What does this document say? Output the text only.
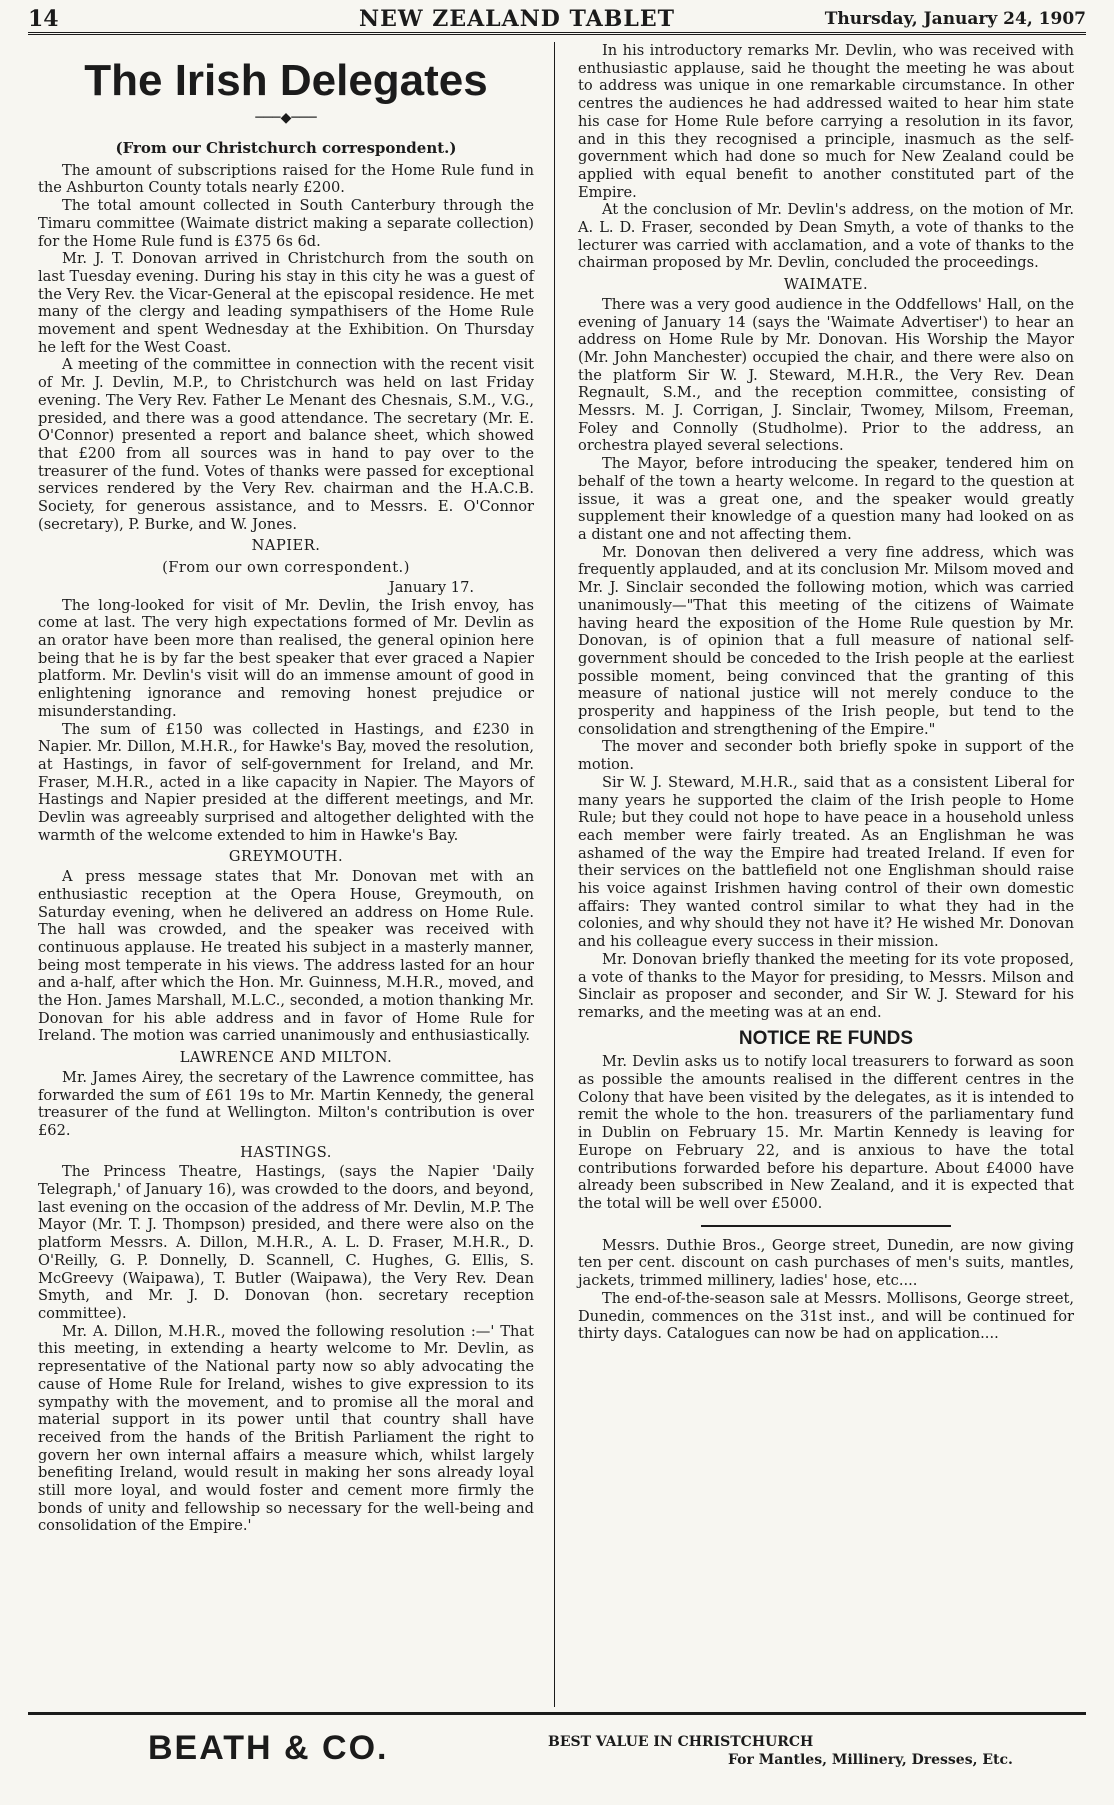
14	NEW ZEALAND TABLET	Thursday, January 24, 1907
The Irish Delegates
───◆───
(From our Christchurch correspondent.)

The amount of subscriptions raised for the Home Rule fund in the Ashburton County totals nearly £200.

The total amount collected in South Canterbury through the Timaru committee (Waimate district making a separate collection) for the Home Rule fund is £375 6s 6d.

Mr. J. T. Donovan arrived in Christchurch from the south on last Tuesday evening. During his stay in this city he was a guest of the Very Rev. the Vicar-General at the episcopal residence. He met many of the clergy and leading sympathisers of the Home Rule movement and spent Wednesday at the Exhibition. On Thursday he left for the West Coast.

A meeting of the committee in connection with the recent visit of Mr. J. Devlin, M.P., to Christchurch was held on last Friday evening. The Very Rev. Father Le Menant des Chesnais, S.M., V.G., presided, and there was a good attendance. The secretary (Mr. E. O'Connor) presented a report and balance sheet, which showed that £200 from all sources was in hand to pay over to the treasurer of the fund. Votes of thanks were passed for exceptional services rendered by the Very Rev. chairman and the H.A.C.B. Society, for generous assistance, and to Messrs. E. O'Connor (secretary), P. Burke, and W. Jones.

NAPIER.
(From our own correspondent.)
January 17.

The long-looked for visit of Mr. Devlin, the Irish envoy, has come at last. The very high expectations formed of Mr. Devlin as an orator have been more than realised, the general opinion here being that he is by far the best speaker that ever graced a Napier platform. Mr. Devlin's visit will do an immense amount of good in enlightening ignorance and removing honest prejudice or misunderstanding.

The sum of £150 was collected in Hastings, and £230 in Napier. Mr. Dillon, M.H.R., for Hawke's Bay, moved the resolution, at Hastings, in favor of self-government for Ireland, and Mr. Fraser, M.H.R., acted in a like capacity in Napier. The Mayors of Hastings and Napier presided at the different meetings, and Mr. Devlin was agreeably surprised and altogether delighted with the warmth of the welcome extended to him in Hawke's Bay.

GREYMOUTH.

A press message states that Mr. Donovan met with an enthusiastic reception at the Opera House, Greymouth, on Saturday evening, when he delivered an address on Home Rule. The hall was crowded, and the speaker was received with continuous applause. He treated his subject in a masterly manner, being most temperate in his views. The address lasted for an hour and a-half, after which the Hon. Mr. Guinness, M.H.R., moved, and the Hon. James Marshall, M.L.C., seconded, a motion thanking Mr. Donovan for his able address and in favor of Home Rule for Ireland. The motion was carried unanimously and enthusiastically.

LAWRENCE AND MILTON.

Mr. James Airey, the secretary of the Lawrence committee, has forwarded the sum of £61 19s to Mr. Martin Kennedy, the general treasurer of the fund at Wellington. Milton's contribution is over £62.

HASTINGS.

The Princess Theatre, Hastings, (says the Napier 'Daily Telegraph,' of January 16), was crowded to the doors, and beyond, last evening on the occasion of the address of Mr. Devlin, M.P. The Mayor (Mr. T. J. Thompson) presided, and there were also on the platform Messrs. A. Dillon, M.H.R., A. L. D. Fraser, M.H.R., D. O'Reilly, G. P. Donnelly, D. Scannell, C. Hughes, G. Ellis, S. McGreevy (Waipawa), T. Butler (Waipawa), the Very Rev. Dean Smyth, and Mr. J. D. Donovan (hon. secretary reception committee).

Mr. A. Dillon, M.H.R., moved the following resolution :—' That this meeting, in extending a hearty welcome to Mr. Devlin, as representative of the National party now so ably advocating the cause of Home Rule for Ireland, wishes to give expression to its sympathy with the movement, and to promise all the moral and material support in its power until that country shall have received from the hands of the British Parliament the right to govern her own internal affairs a measure which, whilst largely benefiting Ireland, would result in making her sons already loyal still more loyal, and would foster and cement more firmly the bonds of unity and fellowship so necessary for the well-being and consolidation of the Empire.'

In his introductory remarks Mr. Devlin, who was received with enthusiastic applause, said he thought the meeting he was about to address was unique in one remarkable circumstance. In other centres the audiences he had addressed waited to hear him state his case for Home Rule before carrying a resolution in its favor, and in this they recognised a principle, inasmuch as the self-government which had done so much for New Zealand could be applied with equal benefit to another constituted part of the Empire.

At the conclusion of Mr. Devlin's address, on the motion of Mr. A. L. D. Fraser, seconded by Dean Smyth, a vote of thanks to the lecturer was carried with acclamation, and a vote of thanks to the chairman proposed by Mr. Devlin, concluded the proceedings.

WAIMATE.

There was a very good audience in the Oddfellows' Hall, on the evening of January 14 (says the 'Waimate Advertiser') to hear an address on Home Rule by Mr. Donovan. His Worship the Mayor (Mr. John Manchester) occupied the chair, and there were also on the platform Sir W. J. Steward, M.H.R., the Very Rev. Dean Regnault, S.M., and the reception committee, consisting of Messrs. M. J. Corrigan, J. Sinclair, Twomey, Milsom, Freeman, Foley and Connolly (Studholme). Prior to the address, an orchestra played several selections.

The Mayor, before introducing the speaker, tendered him on behalf of the town a hearty welcome. In regard to the question at issue, it was a great one, and the speaker would greatly supplement their knowledge of a question many had looked on as a distant one and not affecting them.

Mr. Donovan then delivered a very fine address, which was frequently applauded, and at its conclusion Mr. Milsom moved and Mr. J. Sinclair seconded the following motion, which was carried unanimously—"That this meeting of the citizens of Waimate having heard the exposition of the Home Rule question by Mr. Donovan, is of opinion that a full measure of national self-government should be conceded to the Irish people at the earliest possible moment, being convinced that the granting of this measure of national justice will not merely conduce to the prosperity and happiness of the Irish people, but tend to the consolidation and strengthening of the Empire."

The mover and seconder both briefly spoke in support of the motion.

Sir W. J. Steward, M.H.R., said that as a consistent Liberal for many years he supported the claim of the Irish people to Home Rule; but they could not hope to have peace in a household unless each member were fairly treated. As an Englishman he was ashamed of the way the Empire had treated Ireland. If even for their services on the battlefield not one Englishman should raise his voice against Irishmen having control of their own domestic affairs: They wanted control similar to what they had in the colonies, and why should they not have it? He wished Mr. Donovan and his colleague every success in their mission.

Mr. Donovan briefly thanked the meeting for its vote proposed, a vote of thanks to the Mayor for presiding, to Messrs. Milson and Sinclair as proposer and seconder, and Sir W. J. Steward for his remarks, and the meeting was at an end.

NOTICE RE FUNDS

Mr. Devlin asks us to notify local treasurers to forward as soon as possible the amounts realised in the different centres in the Colony that have been visited by the delegates, as it is intended to remit the whole to the hon. treasurers of the parliamentary fund in Dublin on February 15. Mr. Martin Kennedy is leaving for Europe on February 22, and is anxious to have the total contributions forwarded before his departure. About £4000 have already been subscribed in New Zealand, and it is expected that the total will be well over £5000.

Messrs. Duthie Bros., George street, Dunedin, are now giving ten per cent. discount on cash purchases of men's suits, mantles, jackets, trimmed millinery, ladies' hose, etc....

The end-of-the-season sale at Messrs. Mollisons, George street, Dunedin, commences on the 31st inst., and will be continued for thirty days. Catalogues can now be had on application....

BEATH & CO.	BEST VALUE IN CHRISTCHURCH
For Mantles, Millinery, Dresses, Etc.
